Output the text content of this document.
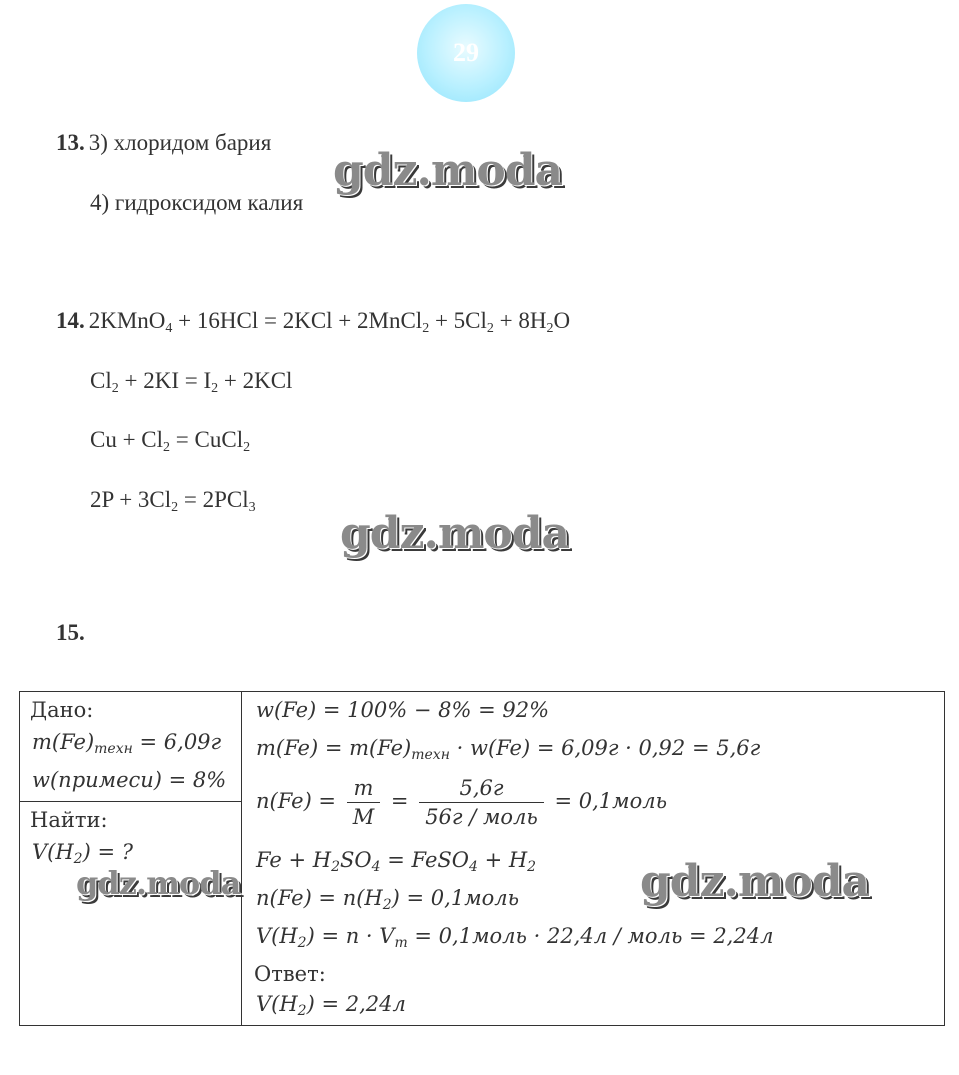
29
13. 3) хлоридом бария
4) гидроксидом калия
gdz.moda
14. 2KMnO$_4$ + 16HCl = 2KCl + 2MnCl$_2$ + $5Cl_2 + 8H_2O$
$Cl_2 + 2KI = I_2 + 2KCl$
$Cu + Cl_2$ = CuCl$_2$
$2P + 3Cl_2 = 2PCl_3$
gdz.moda
15.
Дано:
$m(Fe)_{техн} = 6,09г$
w(примеси) = 8%
Найти:
$V(H_2)$ = ?
w(Fe) = 100% − 8% = 92%
$m(Fe) = m(Fe)_{техн} \cdot w(Fe) = 6,09г \cdot 0,92 = 5,6г$
$n(Fe) = \frac{m}{M} = \frac{5,6г}{\text{56г / моль}}$ = 0,1моль
$Fe + H_2SO_4$ = FeSO$_4$ + $H_2$
$n(Fe) = n(H_2)$ = 0,1моль
$V(H_2) = n \cdot V_m$ = 0,1моль · 22,4л / моль = 2,24л
Ответ:
$V(H_2) = 2,24л$
gdz.moda	gdz.moda
